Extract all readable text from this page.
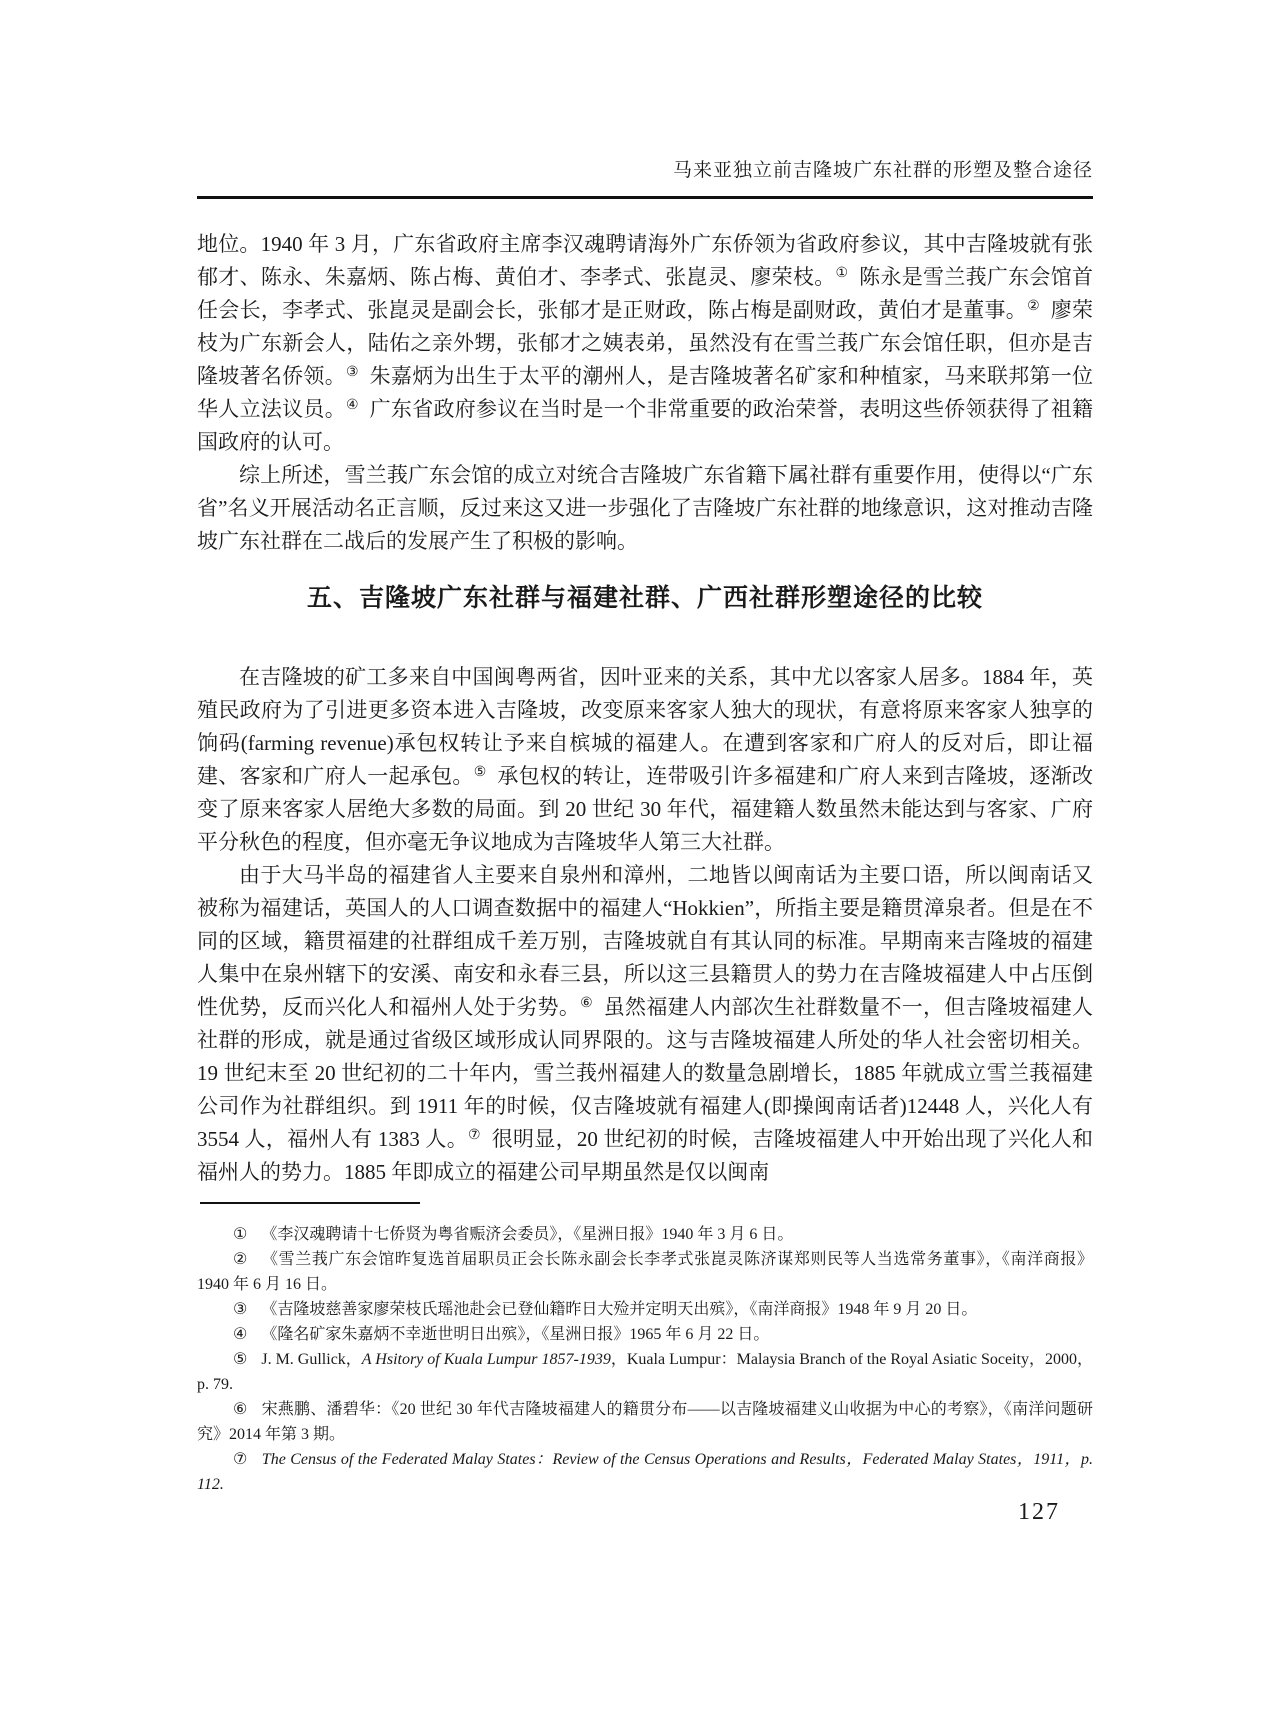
马来亚独立前吉隆坡广东社群的形塑及整合途径

地位。1940 年 3 月，广东省政府主席李汉魂聘请海外广东侨领为省政府参议，其中吉隆坡就有张郁才、陈永、朱嘉炳、陈占梅、黄伯才、李孝式、张崑灵、廖荣枝。① 陈永是雪兰莪广东会馆首任会长，李孝式、张崑灵是副会长，张郁才是正财政，陈占梅是副财政，黄伯才是董事。② 廖荣枝为广东新会人，陆佑之亲外甥，张郁才之姨表弟，虽然没有在雪兰莪广东会馆任职，但亦是吉隆坡著名侨领。③ 朱嘉炳为出生于太平的潮州人，是吉隆坡著名矿家和种植家，马来联邦第一位华人立法议员。④ 广东省政府参议在当时是一个非常重要的政治荣誉，表明这些侨领获得了祖籍国政府的认可。

综上所述，雪兰莪广东会馆的成立对统合吉隆坡广东省籍下属社群有重要作用，使得以“广东省”名义开展活动名正言顺，反过来这又进一步强化了吉隆坡广东社群的地缘意识，这对推动吉隆坡广东社群在二战后的发展产生了积极的影响。

五、吉隆坡广东社群与福建社群、广西社群形塑途径的比较

在吉隆坡的矿工多来自中国闽粤两省，因叶亚来的关系，其中尤以客家人居多。1884 年，英殖民政府为了引进更多资本进入吉隆坡，改变原来客家人独大的现状，有意将原来客家人独享的饷码(farming revenue)承包权转让予来自槟城的福建人。在遭到客家和广府人的反对后，即让福建、客家和广府人一起承包。⑤ 承包权的转让，连带吸引许多福建和广府人来到吉隆坡，逐渐改变了原来客家人居绝大多数的局面。到 20 世纪 30 年代，福建籍人数虽然未能达到与客家、广府平分秋色的程度，但亦毫无争议地成为吉隆坡华人第三大社群。

由于大马半岛的福建省人主要来自泉州和漳州，二地皆以闽南话为主要口语，所以闽南话又被称为福建话，英国人的人口调查数据中的福建人“Hokkien”，所指主要是籍贯漳泉者。但是在不同的区域，籍贯福建的社群组成千差万别，吉隆坡就自有其认同的标准。早期南来吉隆坡的福建人集中在泉州辖下的安溪、南安和永春三县，所以这三县籍贯人的势力在吉隆坡福建人中占压倒性优势，反而兴化人和福州人处于劣势。⑥ 虽然福建人内部次生社群数量不一，但吉隆坡福建人社群的形成，就是通过省级区域形成认同界限的。这与吉隆坡福建人所处的华人社会密切相关。19 世纪末至 20 世纪初的二十年内，雪兰莪州福建人的数量急剧增长，1885 年就成立雪兰莪福建公司作为社群组织。到 1911 年的时候，仅吉隆坡就有福建人(即操闽南话者)12448 人，兴化人有 3554 人，福州人有 1383 人。⑦ 很明显，20 世纪初的时候，吉隆坡福建人中开始出现了兴化人和福州人的势力。1885 年即成立的福建公司早期虽然是仅以闽南

① 《李汉魂聘请十七侨贤为粤省赈济会委员》，《星洲日报》1940 年 3 月 6 日。
② 《雪兰莪广东会馆昨复选首届职员正会长陈永副会长李孝式张崑灵陈济谋郑则民等人当选常务董事》，《南洋商报》1940 年 6 月 16 日。
③ 《吉隆坡慈善家廖荣枝氏瑶池赴会已登仙籍昨日大殓并定明天出殡》，《南洋商报》1948 年 9 月 20 日。
④ 《隆名矿家朱嘉炳不幸逝世明日出殡》，《星洲日报》1965 年 6 月 22 日。
⑤ J. M. Gullick，A Hsitory of Kuala Lumpur 1857-1939，Kuala Lumpur：Malaysia Branch of the Royal Asiatic Soceity，2000，p. 79.
⑥ 宋燕鹏、潘碧华：《20 世纪 30 年代吉隆坡福建人的籍贯分布——以吉隆坡福建义山收据为中心的考察》，《南洋问题研究》2014 年第 3 期。
⑦ The Census of the Federated Malay States：Review of the Census Operations and Results，Federated Malay States，1911，p. 112.
127
